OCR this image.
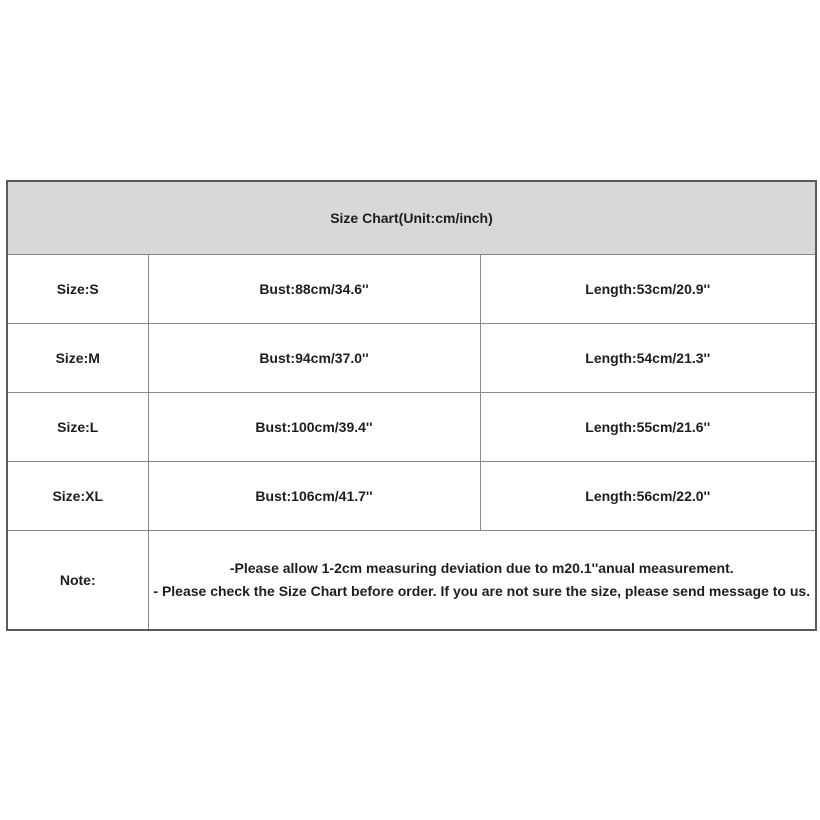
Size Chart(Unit:cm/inch)		
Size:S	Bust:88cm/34.6''	Length:53cm/20.9''
Size:M	Bust:94cm/37.0''	Length:54cm/21.3''
Size:L	Bust:100cm/39.4''	Length:55cm/21.6''
Size:XL	Bust:106cm/41.7''	Length:56cm/22.0''
Note:	-Please allow 1-2cm measuring deviation due to m20.1''anual measurement.
- Please check the Size Chart before order. If you are not sure the size, please send message to us.	
